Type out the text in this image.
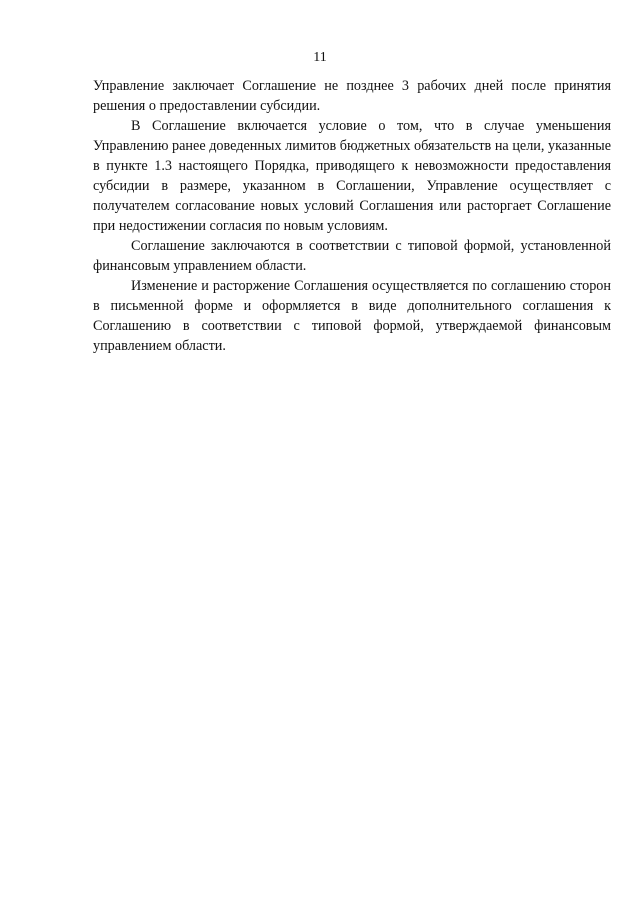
11

Управление заключает Соглашение не позднее 3 рабочих дней после принятия решения о предоставлении субсидии.

В Соглашение включается условие о том, что в случае уменьшения Управлению ранее доведенных лимитов бюджетных обязательств на цели, указанные в пункте 1.3 настоящего Порядка, приводящего к невозможности предоставления субсидии в размере, указанном в Соглашении, Управление осуществляет с получателем согласование новых условий Соглашения или расторгает Соглашение при недостижении согласия по новым условиям.

Соглашение заключаются в соответствии с типовой формой, установленной финансовым управлением области.

Изменение и расторжение Соглашения осуществляется по соглашению сторон в письменной форме и оформляется в виде дополнительного соглашения к Соглашению в соответствии с типовой формой, утверждаемой финансовым управлением области.
